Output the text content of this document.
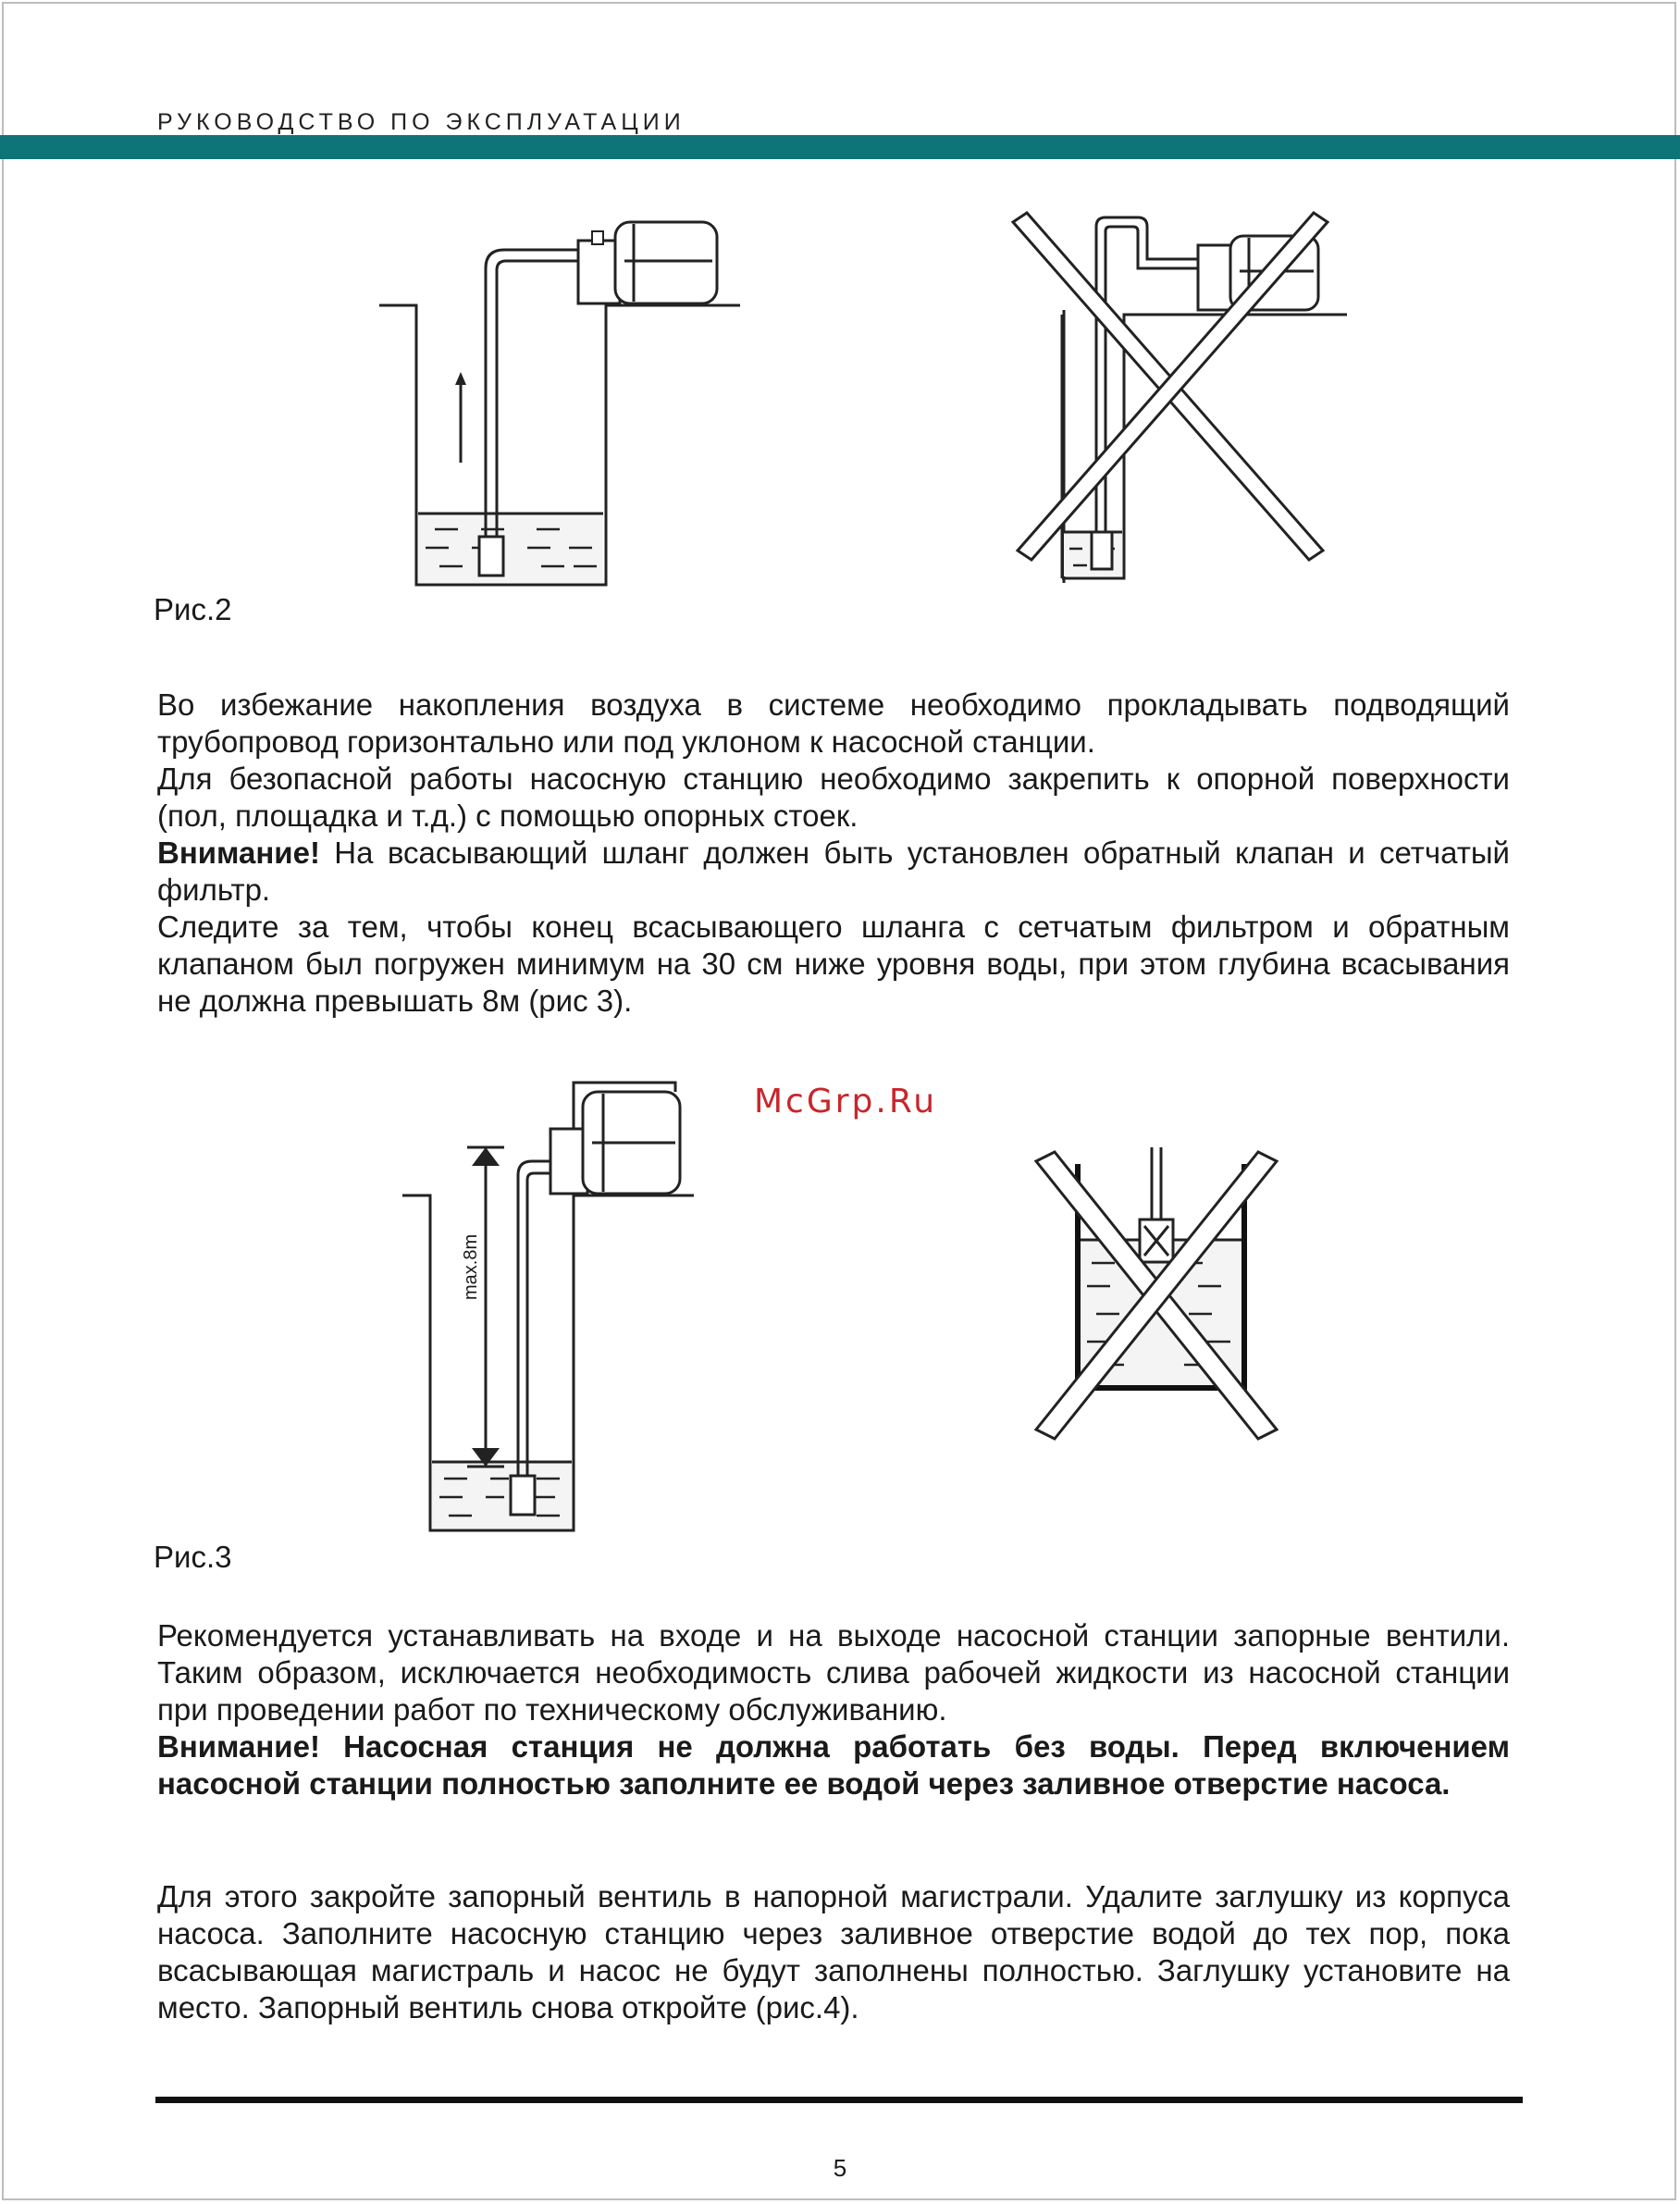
РУКОВОДСТВО ПО ЭКСПЛУАТАЦИИ
Рис.2

Во избежание накопления воздуха в системе необходимо прокладывать подводящий трубопровод горизонтально или под уклоном к насосной станции.

Для безопасной работы насосную станцию необходимо закрепить к опорной поверхности (пол, площадка и т.д.) с помощью опорных стоек.

Внимание! На всасывающий шланг должен быть установлен обратный клапан и сетчатый фильтр.

Следите за тем, чтобы конец всасывающего шланга с сетчатым фильтром и обратным клапаном был погружен минимум на 30 см ниже уровня воды, при этом глубина всасывания не должна превышать 8м (рис 3).

McGrp.Ru
max.8m
Рис.3

Рекомендуется устанавливать на входе и на выходе насосной станции запорные вентили. Таким образом, исключается необходимость слива рабочей жидкости из насосной станции при проведении работ по техническому обслуживанию.

Внимание! Насосная станция не должна работать без воды. Перед включением насосной станции полностью заполните ее водой через заливное отверстие насоса.

Для этого закройте запорный вентиль в напорной магистрали. Удалите заглушку из корпуса насоса. Заполните насосную станцию через заливное отверстие водой до тех пор, пока всасывающая магистраль и насос не будут заполнены полностью. Заглушку установите на место. Запорный вентиль снова откройте (рис.4).

5
